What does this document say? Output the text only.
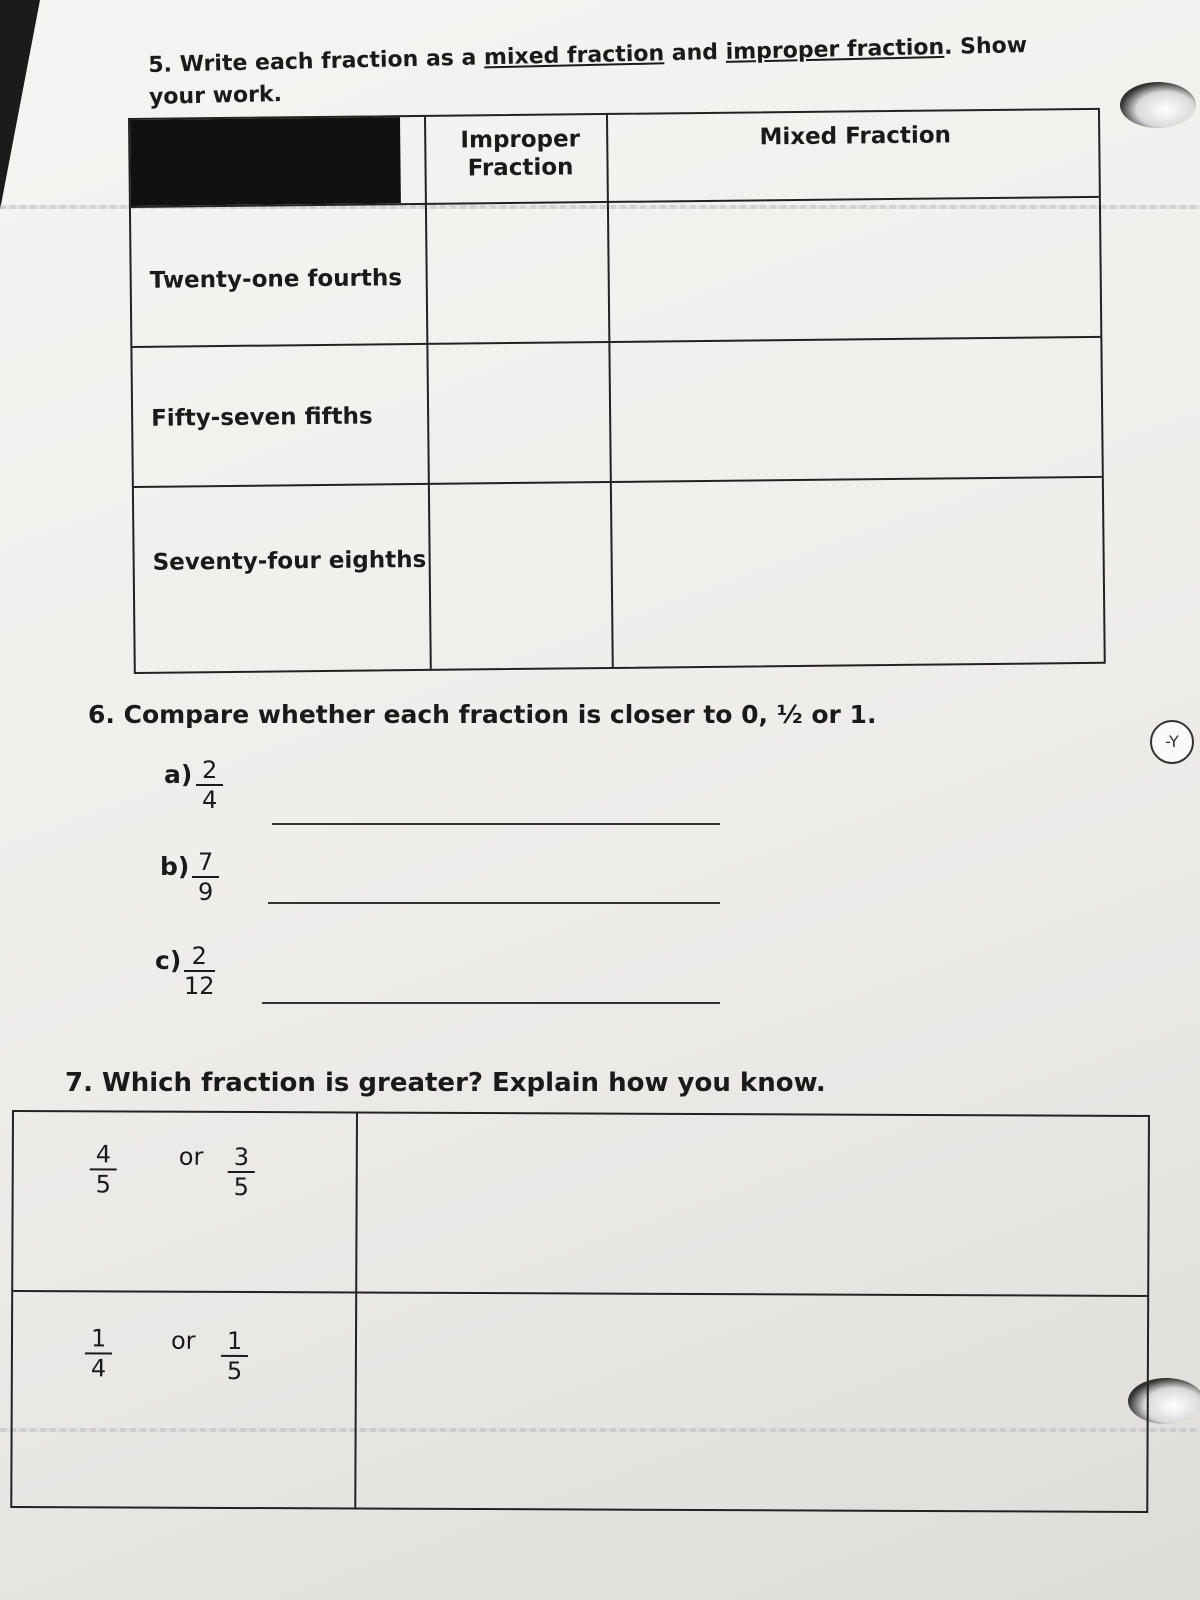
-Y
5. Write each fraction as a mixed fraction and improper fraction. Show your work.
Improper Fraction
Mixed Fraction
Twenty-one fourths
Fifty-seven fifths
Seventy-four eighths
6. Compare whether each fraction is closer to 0, ½ or 1.
$a) \frac{2}{4}$
$b) \frac{7}{9}$
$c) \frac{2}{12}$
7. Which fraction is greater? Explain how you know.
$\frac{4}{5}$	or $\frac{3}{5}$
$\frac{1}{4}$ or $\frac{1}{5}$
